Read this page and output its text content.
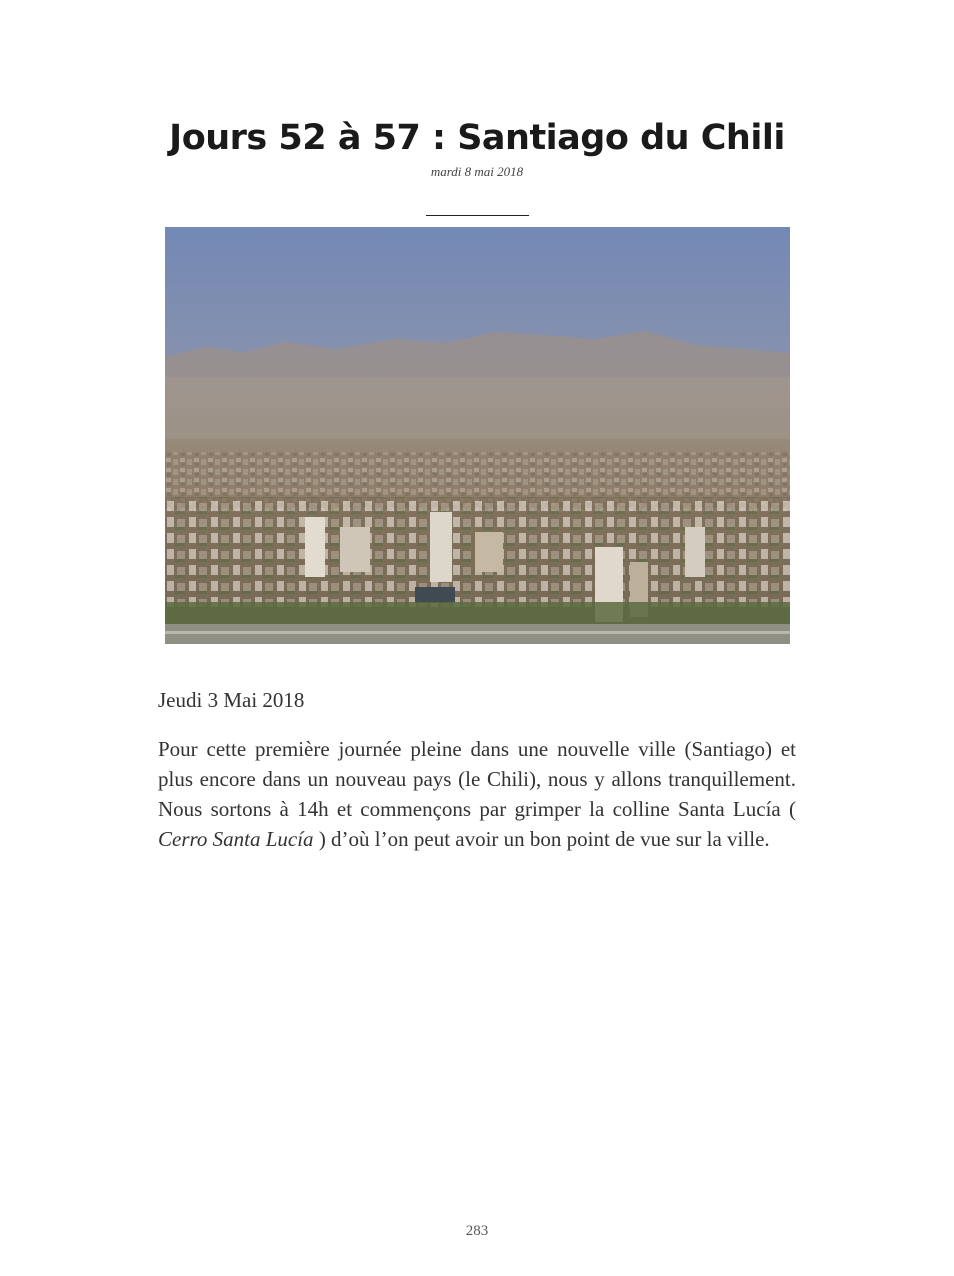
Jours 52 à 57 : Santiago du Chili
mardi 8 mai 2018
Jeudi 3 Mai 2018

Pour cette première journée pleine dans une nouvelle ville (Santiago) et plus encore dans un nouveau pays (le Chili), nous y allons tranquillement. Nous sortons à 14h et commençons par grimper la colline Santa Lucía ( Cerro Santa Lucía ) d’où l’on peut avoir un bon point de vue sur la ville.

283
